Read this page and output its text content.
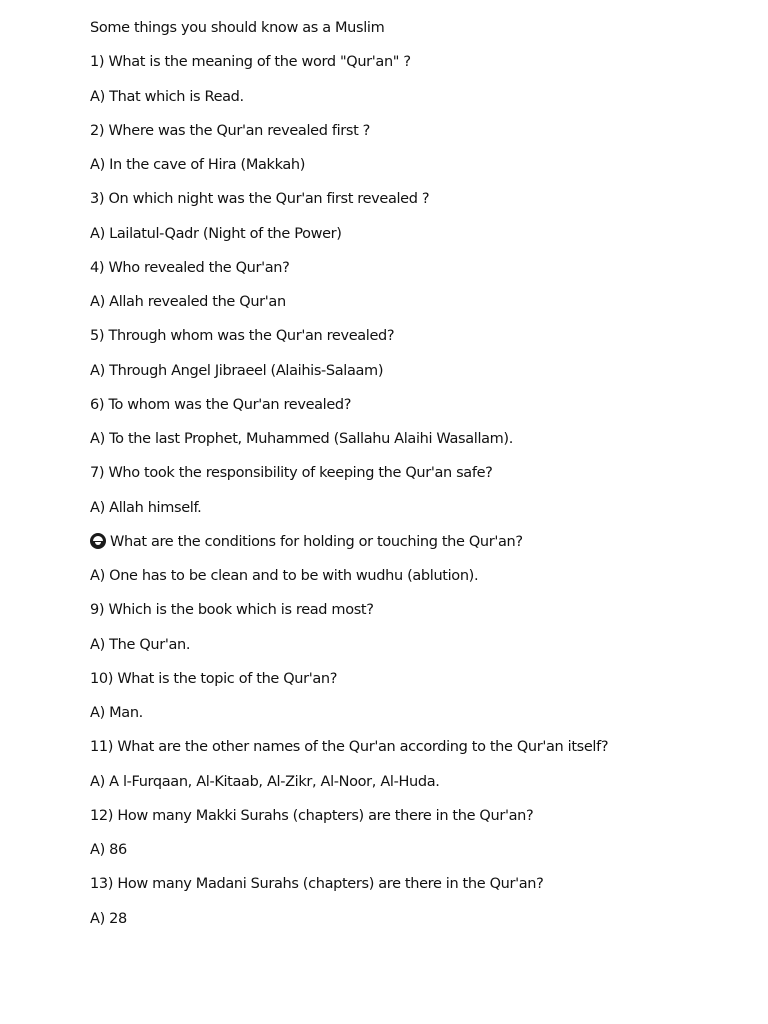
Some things you should know as a Muslim
1) What is the meaning of the word "Qur'an" ?
A) That which is Read.
2) Where was the Qur'an revealed first ?
A) In the cave of Hira (Makkah)
3) On which night was the Qur'an first revealed ?
A) Lailatul-Qadr (Night of the Power)
4) Who revealed the Qur'an?
A) Allah revealed the Qur'an
5) Through whom was the Qur'an revealed?
A) Through Angel Jibraeel (Alaihis-Salaam)
6) To whom was the Qur'an revealed?
A) To the last Prophet, Muhammed (Sallahu Alaihi Wasallam).
7) Who took the responsibility of keeping the Qur'an safe?
A) Allah himself.
What are the conditions for holding or touching the Qur'an?
A) One has to be clean and to be with wudhu (ablution).
9) Which is the book which is read most?
A) The Qur'an.
10) What is the topic of the Qur'an?
A) Man.
11) What are the other names of the Qur'an according to the Qur'an itself?
A) A l-Furqaan, Al-Kitaab, Al-Zikr, Al-Noor, Al-Huda.
12) How many Makki Surahs (chapters) are there in the Qur'an?
A) 86
13) How many Madani Surahs (chapters) are there in the Qur'an?
A) 28
